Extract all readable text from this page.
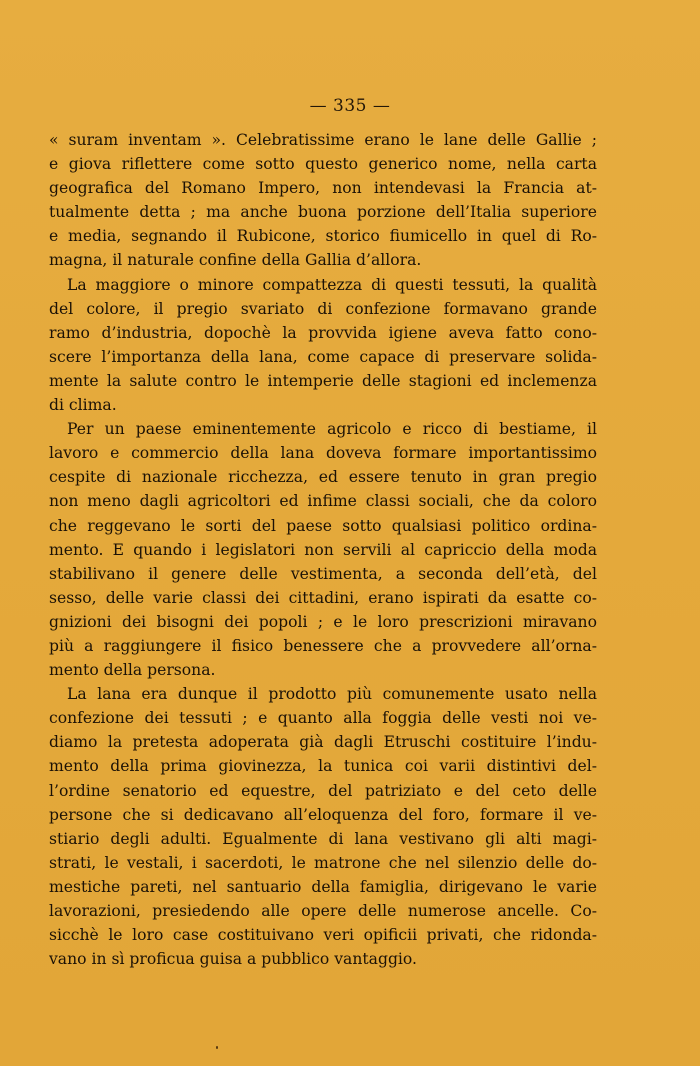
— 335 —
« suram inventam ». Celebratissime erano le lane delle Gallie ;
e giova riflettere come sotto questo generico nome, nella carta
geografica del Romano Impero, non intendevasi la Francia at-
tualmente detta ; ma anche buona porzione dell’Italia superiore
e media, segnando il Rubicone, storico fiumicello in quel di Ro-
magna, il naturale confine della Gallia d’allora.
La maggiore o minore compattezza di questi tessuti, la qualità
del colore, il pregio svariato di confezione formavano grande
ramo d’industria, dopochè la provvida igiene aveva fatto cono-
scere l’importanza della lana, come capace di preservare solida-
mente la salute contro le intemperie delle stagioni ed inclemenza
di clima.
Per un paese eminentemente agricolo e ricco di bestiame, il
lavoro e commercio della lana doveva formare importantissimo
cespite di nazionale ricchezza, ed essere tenuto in gran pregio
non meno dagli agricoltori ed infime classi sociali, che da coloro
che reggevano le sorti del paese sotto qualsiasi politico ordina-
mento. E quando i legislatori non servili al capriccio della moda
stabilivano il genere delle vestimenta, a seconda dell’età, del
sesso, delle varie classi dei cittadini, erano ispirati da esatte co-
gnizioni dei bisogni dei popoli ; e le loro prescrizioni miravano
più a raggiungere il fisico benessere che a provvedere all’orna-
mento della persona.
La lana era dunque il prodotto più comunemente usato nella
confezione dei tessuti ; e quanto alla foggia delle vesti noi ve-
diamo la pretesta adoperata già dagli Etruschi costituire l’indu-
mento della prima giovinezza, la tunica coi varii distintivi del-
l’ordine senatorio ed equestre, del patriziato e del ceto delle
persone che si dedicavano all’eloquenza del foro, formare il ve-
stiario degli adulti. Egualmente di lana vestivano gli alti magi-
strati, le vestali, i sacerdoti, le matrone che nel silenzio delle do-
mestiche pareti, nel santuario della famiglia, dirigevano le varie
lavorazioni, presiedendo alle opere delle numerose ancelle. Co-
sicchè le loro case costituivano veri opificii privati, che ridonda-
vano in sì proficua guisa a pubblico vantaggio.
